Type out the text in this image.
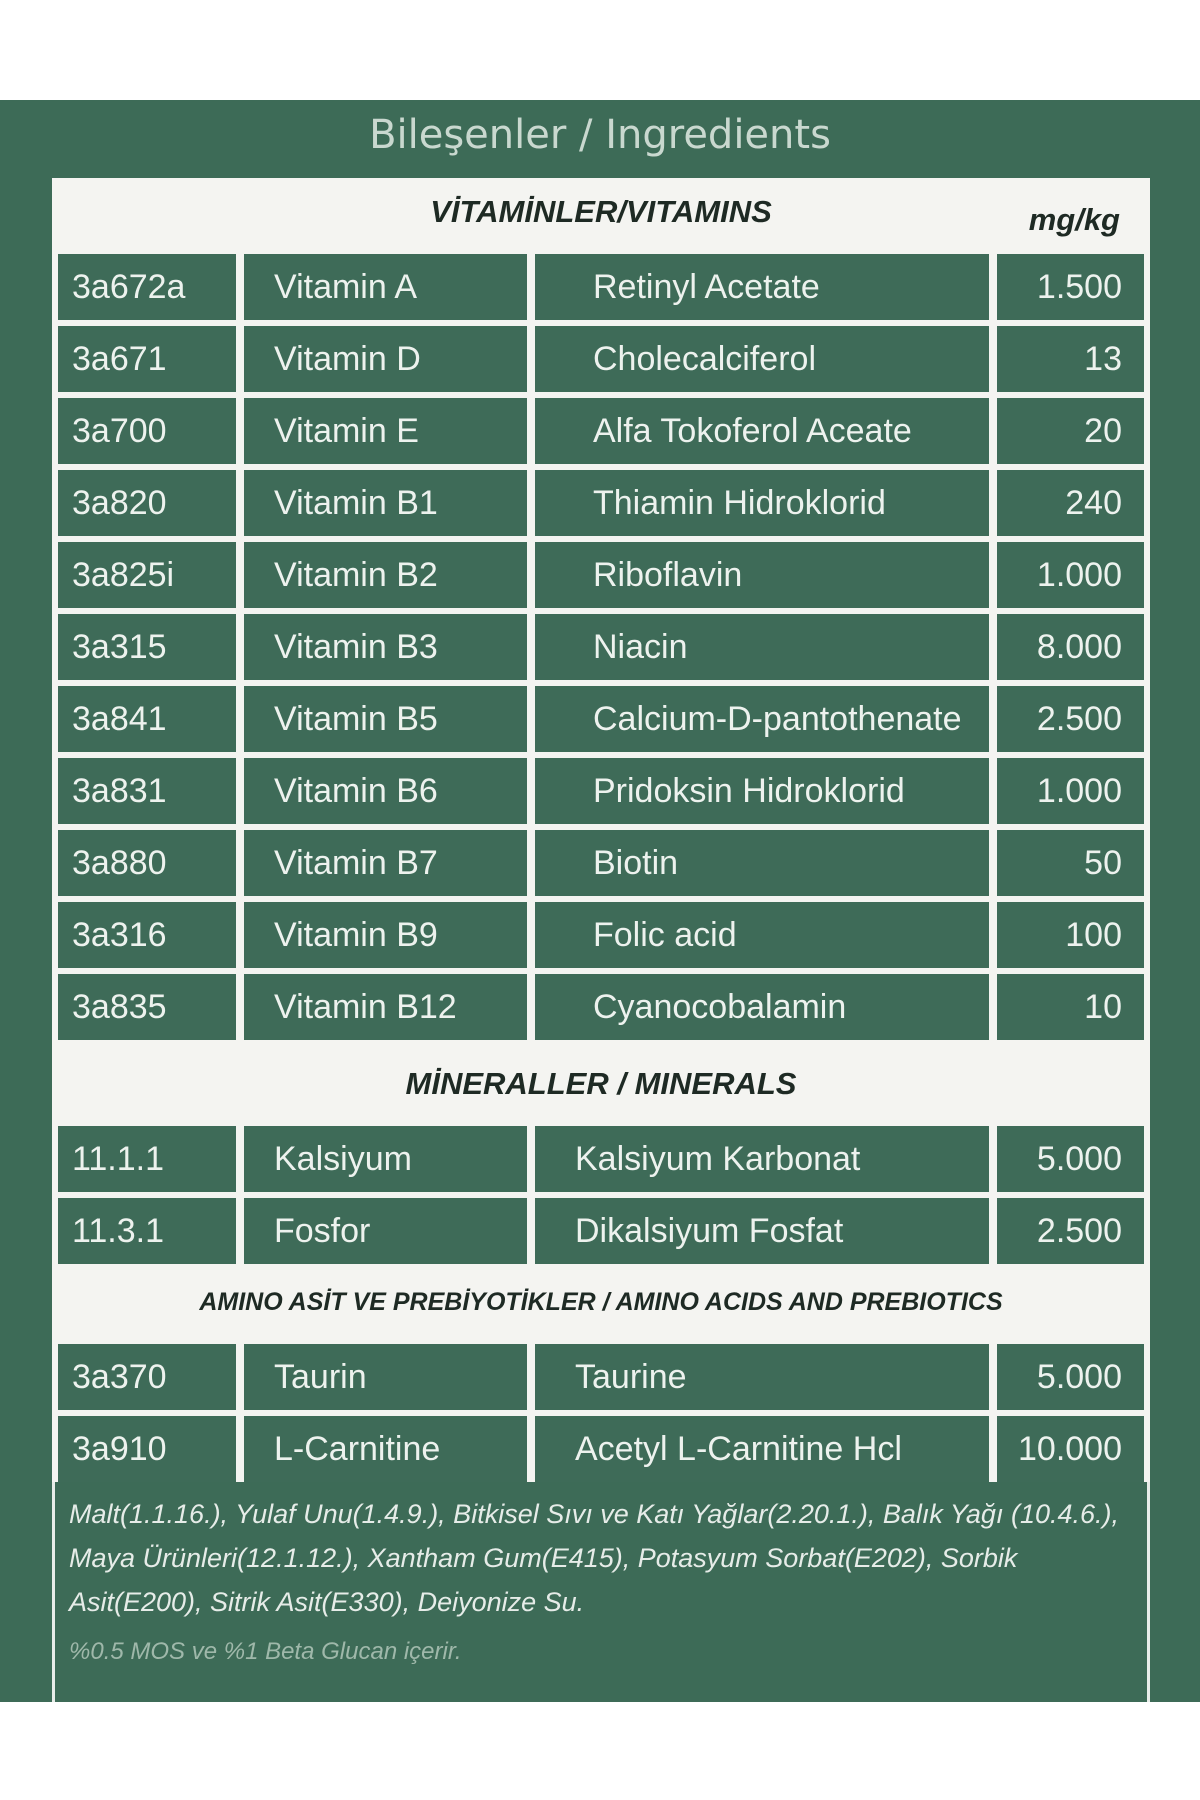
Bileşenler / Ingredients
VİTAMİNLER/VITAMINS	mg/kg
3a672a	Vitamin A	Retinyl Acetate	1.500
3a671	Vitamin D	Cholecalciferol	13
3a700	Vitamin E	Alfa Tokoferol Aceate	20
3a820	Vitamin B1	Thiamin Hidroklorid	240
3a825i	Vitamin B2	Riboflavin	1.000
3a315	Vitamin B3	Niacin	8.000
3a841	Vitamin B5	Calcium-D-pantothenate	2.500
3a831	Vitamin B6	Pridoksin Hidroklorid	1.000
3a880	Vitamin B7	Biotin	50
3a316	Vitamin B9	Folic acid	100
3a835	Vitamin B12	Cyanocobalamin	10
MİNERALLER / MINERALS
11.1.1	Kalsiyum	Kalsiyum Karbonat	5.000
11.3.1	Fosfor	Dikalsiyum Fosfat	2.500
AMINO ASİT VE PREBİYOTİKLER / AMINO ACIDS AND PREBIOTICS
3a370	Taurin	Taurine	5.000
3a910	L-Carnitine	Acetyl L-Carnitine Hcl	10.000
Malt(1.1.16.), Yulaf Unu(1.4.9.), Bitkisel Sıvı ve Katı Yağlar(2.20.1.), Balık Yağı (10.4.6.), Maya Ürünleri(12.1.12.), Xantham Gum(E415), Potasyum Sorbat(E202), Sorbik Asit(E200), Sitrik Asit(E330), Deiyonize Su.
%0.5 MOS ve %1 Beta Glucan içerir.
